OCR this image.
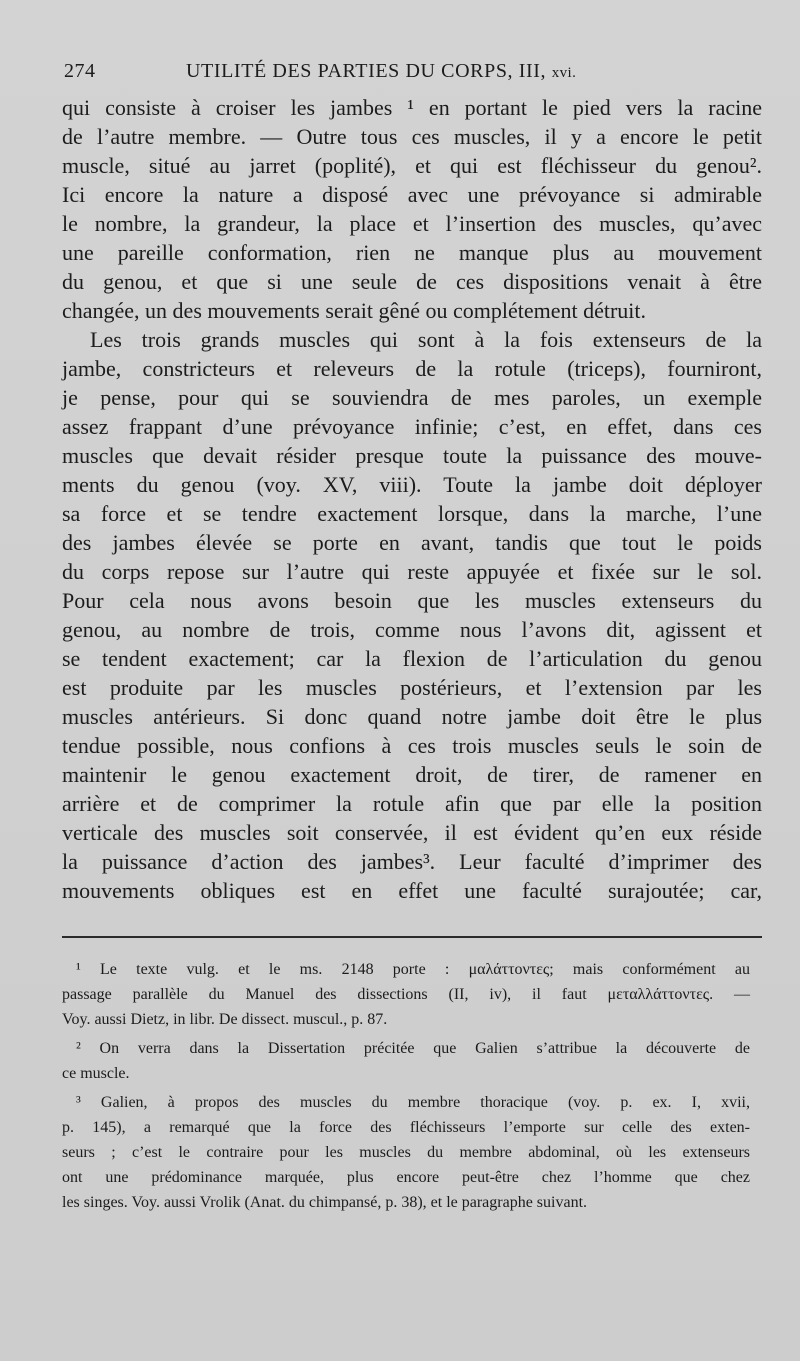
274	UTILITÉ DES PARTIES DU CORPS, III, xvi.
qui consiste à croiser les jambes ¹ en portant le pied vers la racine
de l’autre membre. — Outre tous ces muscles, il y a encore le petit
muscle, situé au jarret (poplité), et qui est fléchisseur du genou².
Ici encore la nature a disposé avec une prévoyance si admirable
le nombre, la grandeur, la place et l’insertion des muscles, qu’avec
une pareille conformation, rien ne manque plus au mouvement
du genou, et que si une seule de ces dispositions venait à être
changée, un des mouvements serait gêné ou complétement détruit.
Les trois grands muscles qui sont à la fois extenseurs de la
jambe, constricteurs et releveurs de la rotule (triceps), fourniront,
je pense, pour qui se souviendra de mes paroles, un exemple
assez frappant d’une prévoyance infinie; c’est, en effet, dans ces
muscles que devait résider presque toute la puissance des mouve-
ments du genou (voy. XV, viii). Toute la jambe doit déployer
sa force et se tendre exactement lorsque, dans la marche, l’une
des jambes élevée se porte en avant, tandis que tout le poids
du corps repose sur l’autre qui reste appuyée et fixée sur le sol.
Pour cela nous avons besoin que les muscles extenseurs du
genou, au nombre de trois, comme nous l’avons dit, agissent et
se tendent exactement; car la flexion de l’articulation du genou
est produite par les muscles postérieurs, et l’extension par les
muscles antérieurs. Si donc quand notre jambe doit être le plus
tendue possible, nous confions à ces trois muscles seuls le soin de
maintenir le genou exactement droit, de tirer, de ramener en
arrière et de comprimer la rotule afin que par elle la position
verticale des muscles soit conservée, il est évident qu’en eux réside
la puissance d’action des jambes³. Leur faculté d’imprimer des
mouvements obliques est en effet une faculté surajoutée; car,
¹ Le texte vulg. et le ms. 2148 porte : μαλάττοντες; mais conformément au
passage parallèle du Manuel des dissections (II, iv), il faut μεταλλάττοντες. —
Voy. aussi Dietz, in libr. De dissect. muscul., p. 87.
² On verra dans la Dissertation précitée que Galien s’attribue la découverte de
ce muscle.
³ Galien, à propos des muscles du membre thoracique (voy. p. ex. I, xvii,
p. 145), a remarqué que la force des fléchisseurs l’emporte sur celle des exten-
seurs ; c’est le contraire pour les muscles du membre abdominal, où les extenseurs
ont une prédominance marquée, plus encore peut-être chez l’homme que chez
les singes. Voy. aussi Vrolik (Anat. du chimpansé, p. 38), et le paragraphe suivant.
